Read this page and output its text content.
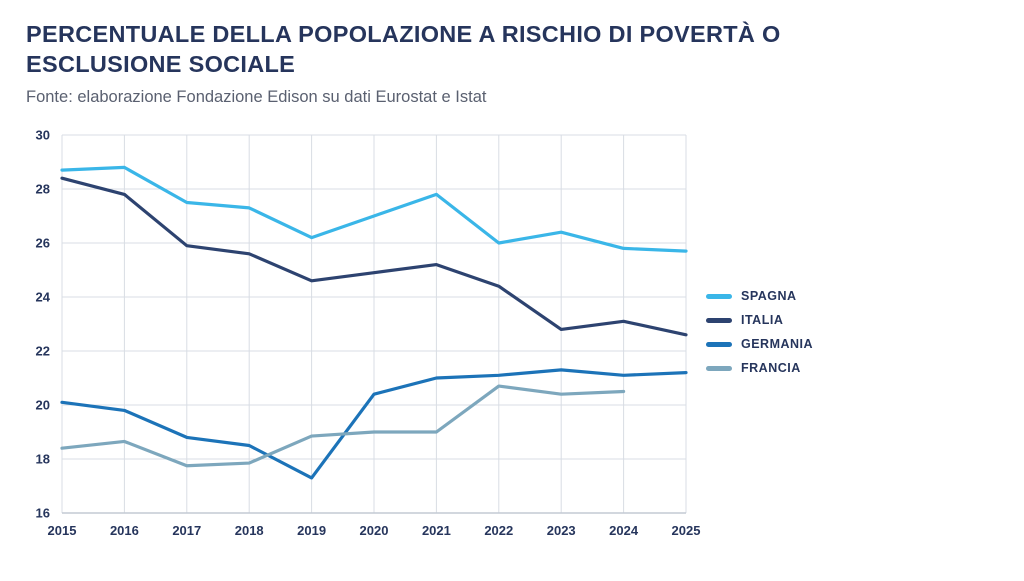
PERCENTUALE DELLA POPOLAZIONE A RISCHIO DI POVERTÀ O ESCLUSIONE SOCIALE
Fonte: elaborazione Fondazione Edison su dati Eurostat e Istat
16
18
20
22
24
26
28
30
2015	2016	2017	2018	2019	2020	2021	2022	2023	2024	2025
SPAGNA
ITALIA
GERMANIA
FRANCIA
